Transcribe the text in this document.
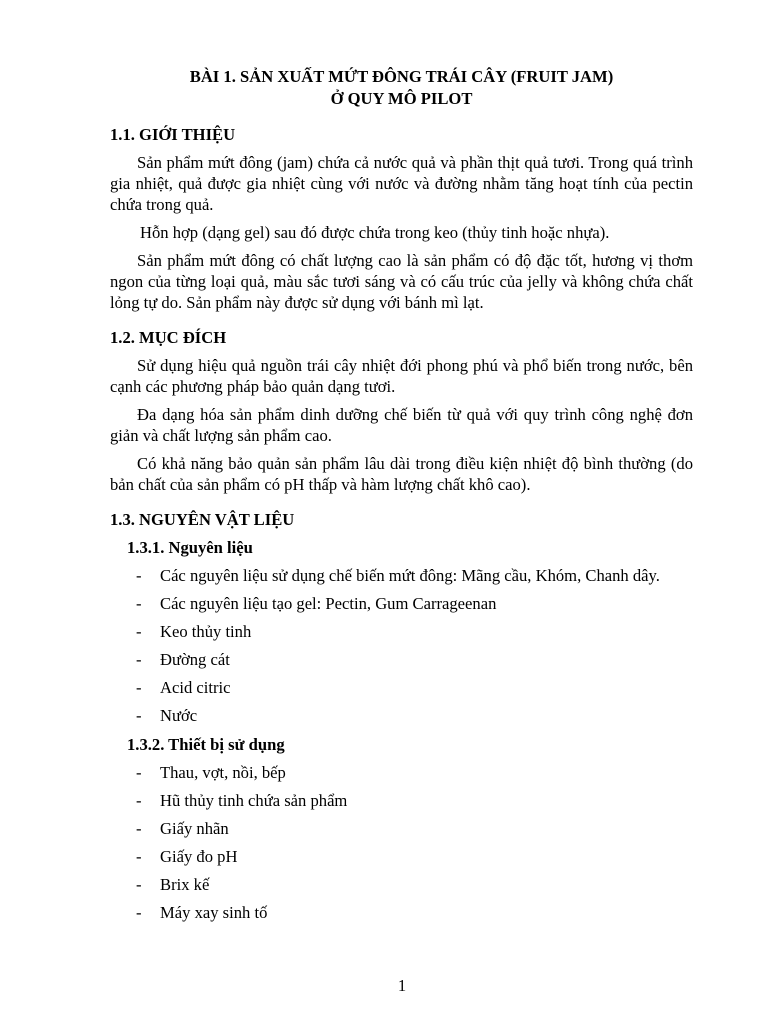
BÀI 1. SẢN XUẤT MỨT ĐÔNG TRÁI CÂY (FRUIT JAM)
Ở QUY MÔ PILOT
1.1. GIỚI THIỆU

Sản phẩm mứt đông (jam) chứa cả nước quả và phần thịt quả tươi. Trong quá trình gia nhiệt, quả được gia nhiệt cùng với nước và đường nhằm tăng hoạt tính của pectin chứa trong quả.

Hỗn hợp (dạng gel) sau đó được chứa trong keo (thủy tinh hoặc nhựa).

Sản phẩm mứt đông có chất lượng cao là sản phẩm có độ đặc tốt, hương vị thơm ngon của từng loại quả, màu sắc tươi sáng và có cấu trúc của jelly và không chứa chất lỏng tự do. Sản phẩm này được sử dụng với bánh mì lạt.

1.2. MỤC ĐÍCH

Sử dụng hiệu quả nguồn trái cây nhiệt đới phong phú và phổ biến trong nước, bên cạnh các phương pháp bảo quản dạng tươi.

Đa dạng hóa sản phẩm dinh dưỡng chế biến từ quả với quy trình công nghệ đơn giản và chất lượng sản phẩm cao.

Có khả năng bảo quản sản phẩm lâu dài trong điều kiện nhiệt độ bình thường (do bản chất của sản phẩm có pH thấp và hàm lượng chất khô cao).

1.3. NGUYÊN VẬT LIỆU
1.3.1. Nguyên liệu
- Các nguyên liệu sử dụng chế biến mứt đông: Mãng cầu, Khóm, Chanh dây.
- Các nguyên liệu tạo gel: Pectin, Gum Carrageenan
- Keo thủy tinh
- Đường cát
- Acid citric
- Nước
1.3.2. Thiết bị sử dụng
- Thau, vợt, nồi, bếp
- Hũ thủy tinh chứa sản phẩm
- Giấy nhãn
- Giấy đo pH
- Brix kế
- Máy xay sinh tố
1
